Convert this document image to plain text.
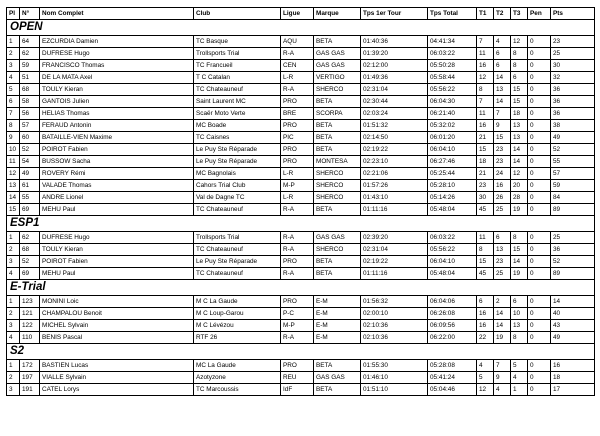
Pl	N°	Nom Complet	Club	Ligue	Marque	Tps 1er Tour	Tps Total	T1	T2	T3	Pen	Pts
OPEN												
1	64	EZCURDIA Damien	TC Basque	AQU	BETA	01:40:36	04:41:34	7	4	12	0	23
2	62	DUFRESE Hugo	Trollsports Trial	R-A	GAS GAS	01:39:20	06:03:22	11	6	8	0	25
3	59	FRANCISCO Thomas	TC Francueil	CEN	GAS GAS	02:12:00	05:50:28	16	6	8	0	30
4	51	DE LA MATA Axel	T C Catalan	L-R	VERTIGO	01:49:36	05:58:44	12	14	6	0	32
5	68	TOULY Kieran	TC Chateauneuf	R-A	SHERCO	02:31:04	05:56:22	8	13	15	0	36
6	58	GANTOIS Julien	Saint Laurent MC	PRO	BETA	02:30:44	06:04:30	7	14	15	0	36
7	56	HELIAS Thomas	Scaër Moto Verte	BRE	SCORPA	02:03:24	06:21:40	11	7	18	0	36
8	57	FERAUD Antonin	MC Boade	PRO	BETA	01:51:32	05:32:02	16	9	13	0	38
9	60	BATAILLE-VIEN Maxime	TC Caisnes	PIC	BETA	02:14:50	06:01:20	21	15	13	0	49
10	52	POIROT Fabien	Le Puy Ste Réparade	PRO	BETA	02:19:22	06:04:10	15	23	14	0	52
11	54	BUSSOW Sacha	Le Puy Ste Réparade	PRO	MONTESA	02:23:10	06:27:46	18	23	14	0	55
12	49	ROVERY Rémi	MC Bagnolais	L-R	SHERCO	02:21:06	05:25:44	21	24	12	0	57
13	61	VALADE Thomas	Cahors Trial Club	M-P	SHERCO	01:57:26	05:28:10	23	16	20	0	59
14	55	ANDRE Lionel	Val de Dagne TC	L-R	SHERCO	01:43:10	05:14:26	30	26	28	0	84
15	69	MEHU Paul	TC Chateauneuf	R-A	BETA	01:11:16	05:48:04	45	25	19	0	89
ESP1												
1	62	DUFRESE Hugo	Trollsports Trial	R-A	GAS GAS	02:39:20	06:03:22	11	6	8	0	25
2	68	TOULY Kieran	TC Chateauneuf	R-A	SHERCO	02:31:04	05:56:22	8	13	15	0	36
3	52	POIROT Fabien	Le Puy Ste Réparade	PRO	BETA	02:19:22	06:04:10	15	23	14	0	52
4	69	MEHU Paul	TC Chateauneuf	R-A	BETA	01:11:16	05:48:04	45	25	19	0	89
E-Trial												
1	123	MONINI Loic	M C La Gaude	PRO	E-M	01:56:32	06:04:06	6	2	6	0	14
2	121	CHAMPALOU Benoit	M C Loup-Garou	P-C	E-M	02:00:10	06:26:08	16	14	10	0	40
3	122	MICHEL Sylvain	M C Lévézou	M-P	E-M	02:10:36	06:09:56	16	14	13	0	43
4	110	BENIS Pascal	RTF 26	R-A	E-M	02:10:36	06:22:00	22	19	8	0	49
S2												
1	172	BASTIEN Lucas	MC La Gaude	PRO	BETA	01:55:30	05:28:08	4	7	5	0	16
2	197	VIALLE Sylvain	Azotyzone	REU	GAS GAS	01:46:10	05:41:24	5	9	4	0	18
3	191	CATEL Lorys	TC Marcoussis	IdF	BETA	01:51:10	05:04:46	12	4	1	0	17
